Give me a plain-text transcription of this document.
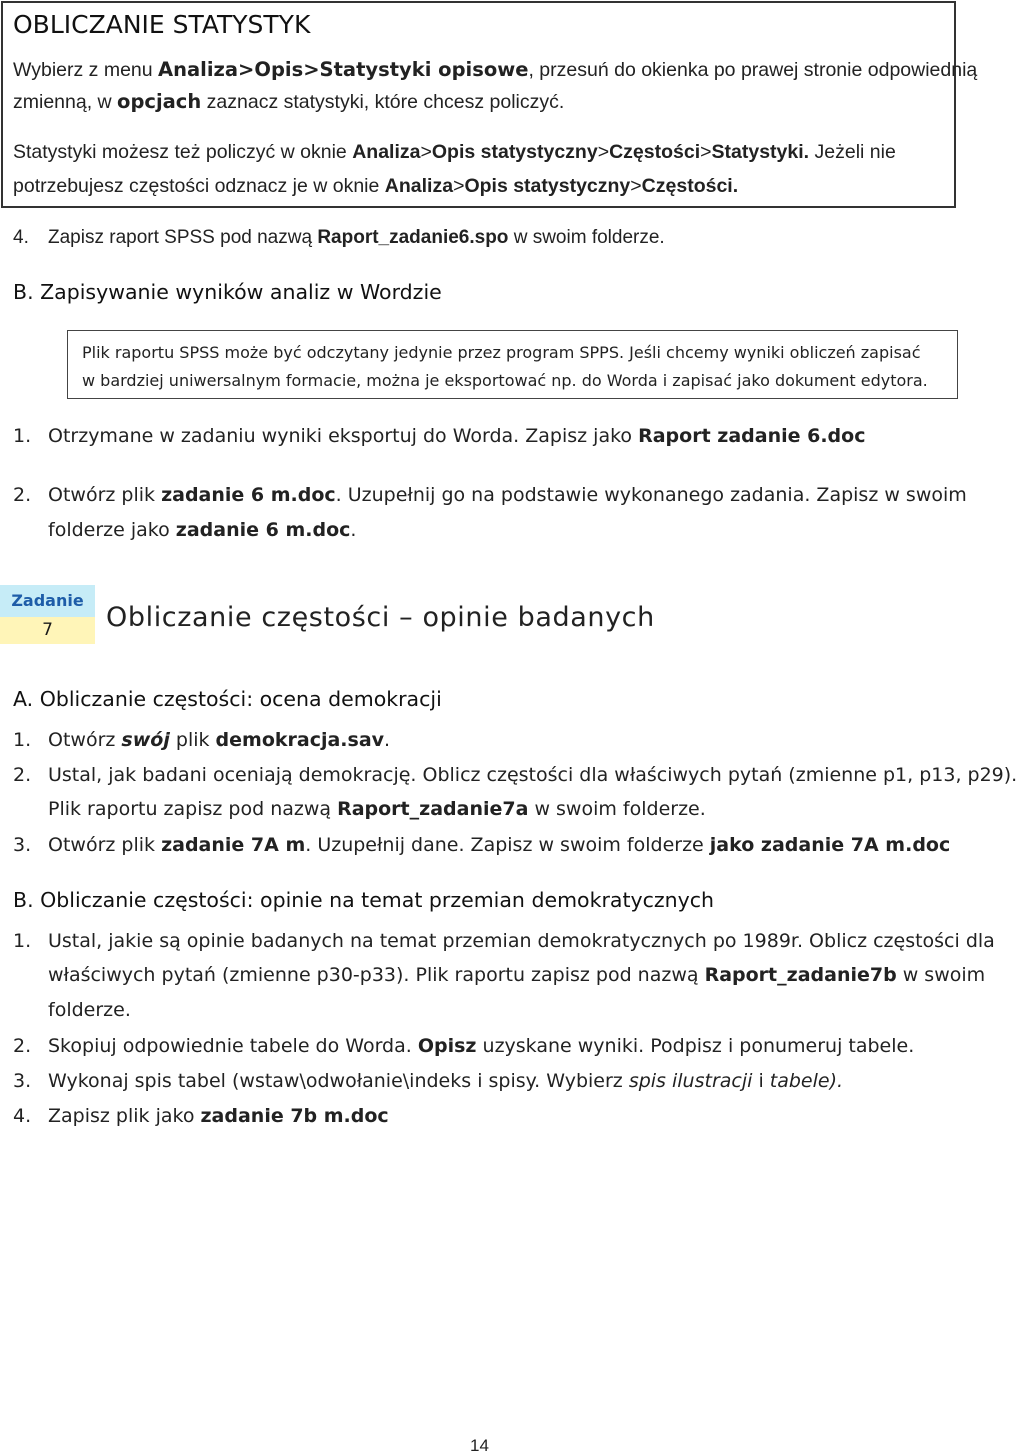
OBLICZANIE STATYSTYK
Wybierz z menu Analiza>Opis>Statystyki opisowe, przesuń do okienka po prawej stronie odpowiednią
zmienną, w opcjach zaznacz statystyki, które chcesz policzyć.
Statystyki możesz też policzyć w oknie Analiza>Opis statystyczny>Częstości>Statystyki. Jeżeli nie
potrzebujesz częstości odznacz je w oknie Analiza>Opis statystyczny>Częstości.
4. Zapisz raport SPSS pod nazwą Raport_zadanie6.spo w swoim folderze.
B. Zapisywanie wyników analiz w Wordzie
Plik raportu SPSS może być odczytany jedynie przez program SPPS. Jeśli chcemy wyniki obliczeń zapisać
w bardziej uniwersalnym formacie, można je eksportować np. do Worda i zapisać jako dokument edytora.
1. Otrzymane w zadaniu wyniki eksportuj do Worda. Zapisz jako Raport zadanie 6.doc
2. Otwórz plik zadanie 6 m.doc. Uzupełnij go na podstawie wykonanego zadania. Zapisz w swoim
folderze jako zadanie 6 m.doc.
Zadanie
7	Obliczanie częstości – opinie badanych
A. Obliczanie częstości: ocena demokracji
1. Otwórz swój plik demokracja.sav.
2. Ustal, jak badani oceniają demokrację. Oblicz częstości dla właściwych pytań (zmienne p1, p13, p29).
Plik raportu zapisz pod nazwą Raport_zadanie7a w swoim folderze.
3. Otwórz plik zadanie 7A m. Uzupełnij dane. Zapisz w swoim folderze jako zadanie 7A m.doc
B. Obliczanie częstości: opinie na temat przemian demokratycznych
1. Ustal, jakie są opinie badanych na temat przemian demokratycznych po 1989r. Oblicz częstości dla
właściwych pytań (zmienne p30-p33). Plik raportu zapisz pod nazwą Raport_zadanie7b w swoim
folderze.
2. Skopiuj odpowiednie tabele do Worda. Opisz uzyskane wyniki. Podpisz i ponumeruj tabele.
3. Wykonaj spis tabel (wstaw\odwołanie\indeks i spisy. Wybierz spis ilustracji i tabele).
4. Zapisz plik jako zadanie 7b m.doc
14
